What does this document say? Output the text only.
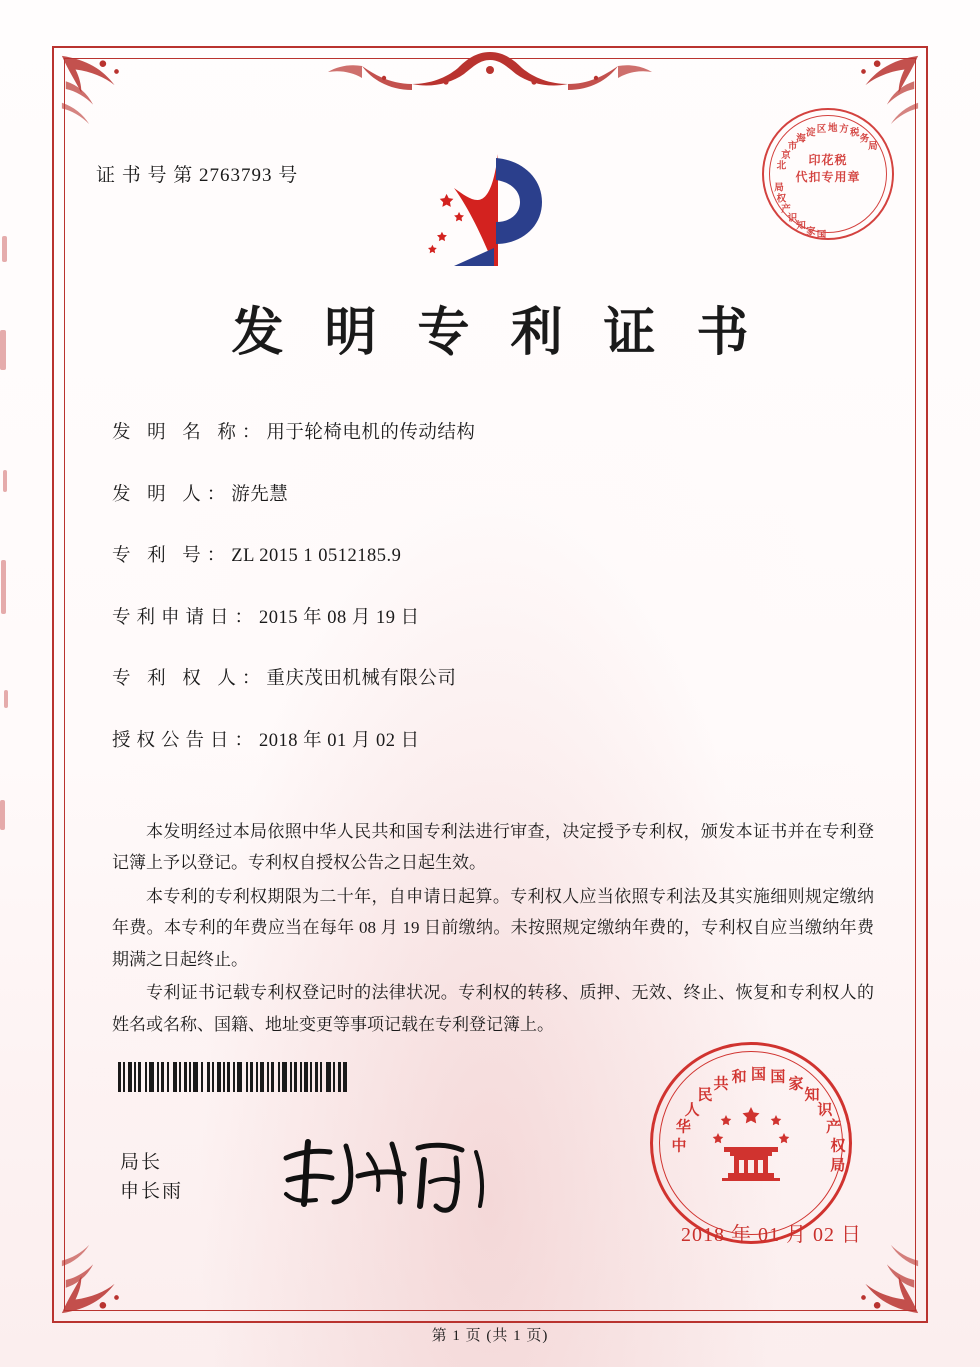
证 书 号 第 2763793 号	北
京
市
海
淀 区 地 方 税
务
局
国
家
知
识
产
权
局
印花税
代扣专用章
发 明 专 利 证 书
发 明 名 称：用于轮椅电机的传动结构
发 明 人：游先慧
专 利 号：ZL 2015 1 0512185.9
专利申请日：2015 年 08 月 19 日
专 利 权 人：重庆茂田机械有限公司
授权公告日：2018 年 01 月 02 日

本发明经过本局依照中华人民共和国专利法进行审查，决定授予专利权，颁发本证书并在专利登记簿上予以登记。专利权自授权公告之日起生效。

本专利的专利权期限为二十年，自申请日起算。专利权人应当依照专利法及其实施细则规定缴纳年费。本专利的年费应当在每年 08 月 19 日前缴纳。未按照规定缴纳年费的，专利权自应当缴纳年费期满之日起终止。

专利证书记载专利权登记时的法律状况。专利权的转移、质押、无效、终止、恢复和专利权人的姓名或名称、国籍、地址变更等事项记载在专利登记簿上。

局长
申长雨
中
华
人
民
共 和 国 国 家
知
识
产
权
局
2018 年 01 月 02 日
第 1 页 (共 1 页)
